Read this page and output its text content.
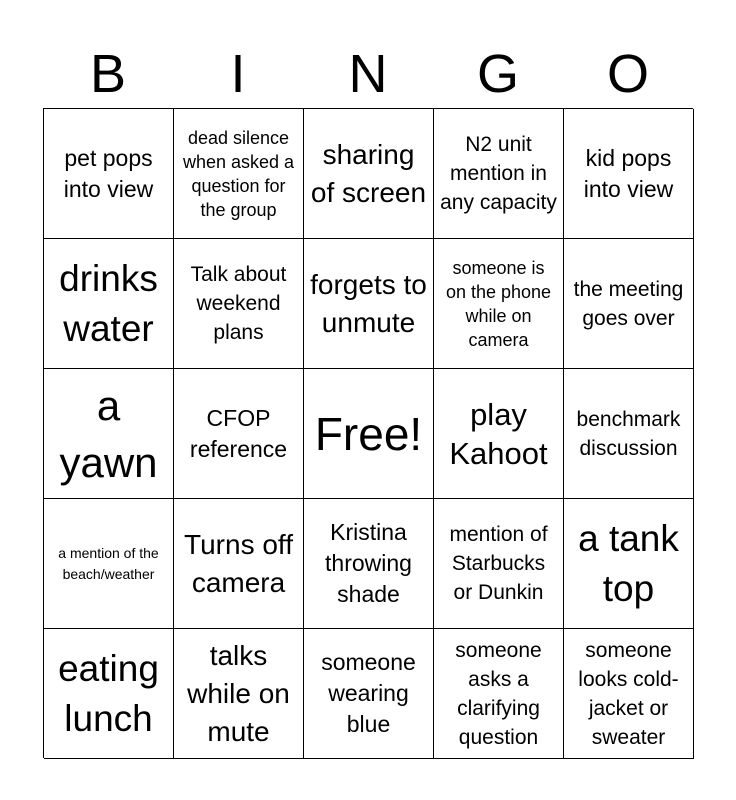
B	I	N	G	O
pet pops into view
dead silence when asked a question for the group
sharing of screen
N2 unit mention in any capacity
kid pops into view
drinks water
Talk about weekend plans
forgets to unmute
someone is on the phone while on camera
the meeting goes over
a yawn
CFOP reference Free!	play Kahoot
benchmark discussion
a mention of the beach/weather
Turns off camera
Kristina throwing shade
mention of Starbucks or Dunkin
a tank top
eating lunch
talks while on mute
someone wearing blue
someone asks a clarifying question
someone looks cold- jacket or sweater
